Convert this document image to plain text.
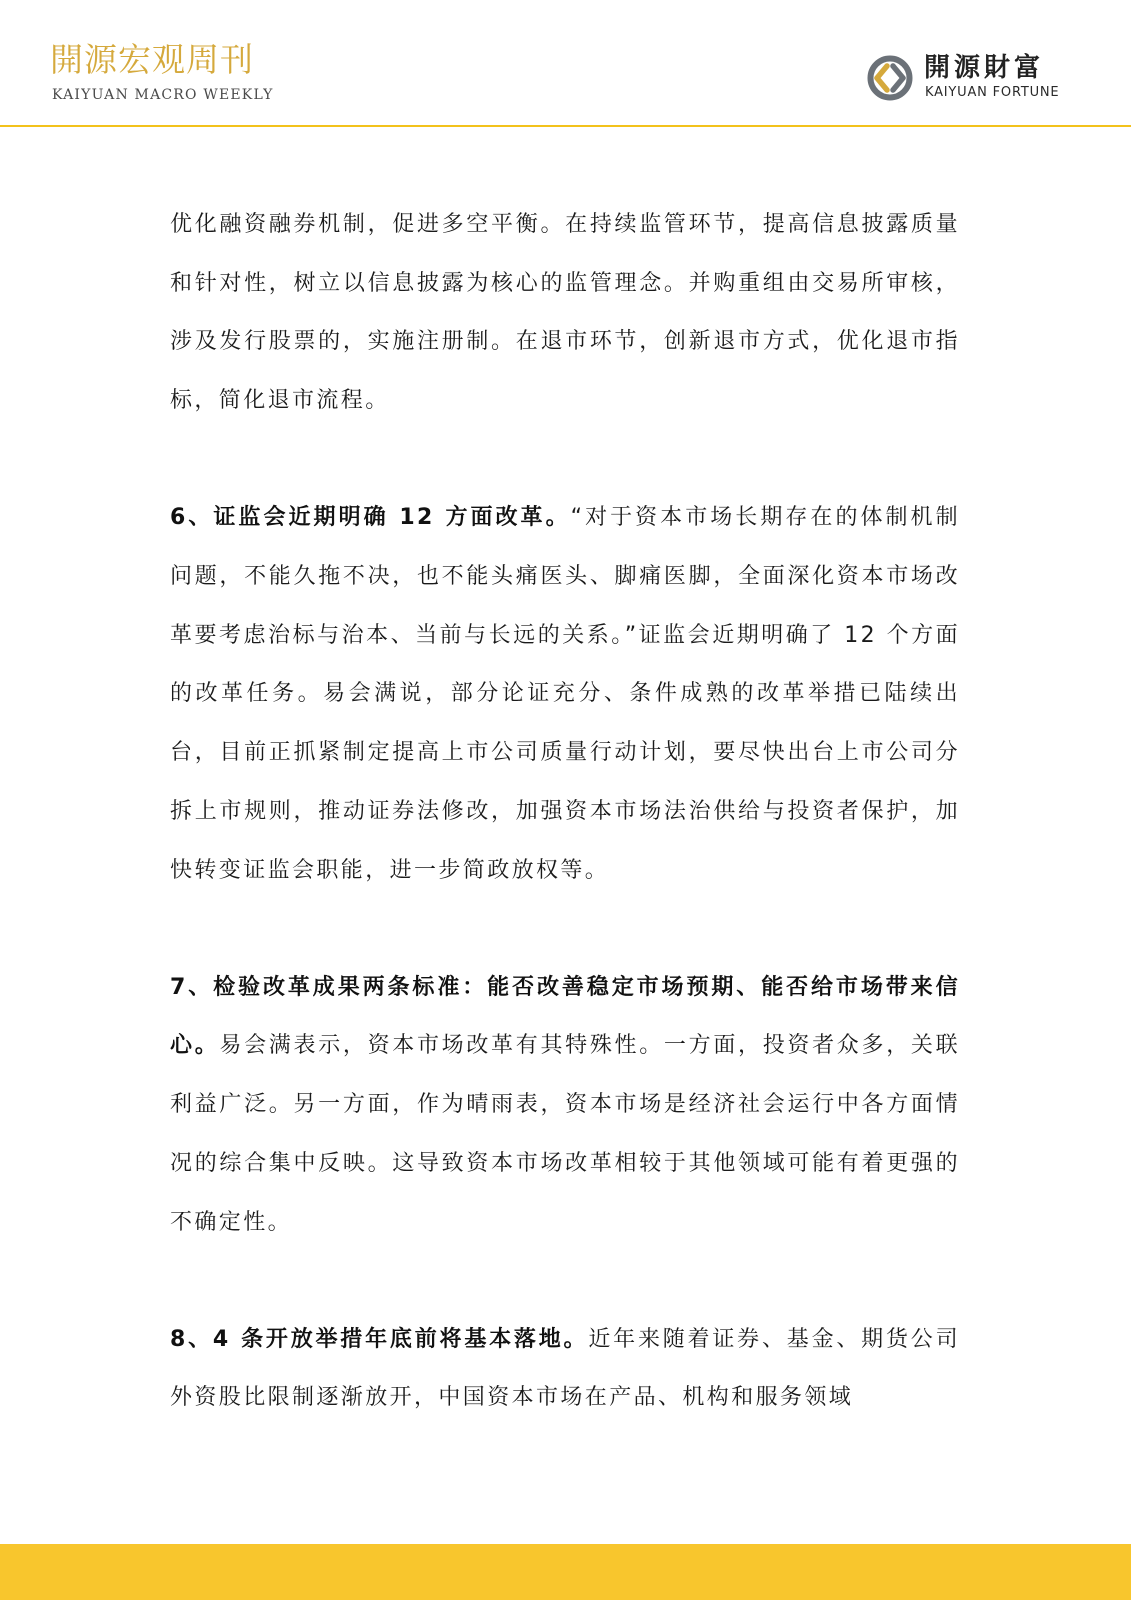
開源宏观周刊
KAIYUAN MACRO WEEKLY
開源財富
KAIYUAN FORTUNE

优化融资融券机制，促进多空平衡。在持续监管环节，提高信息披露质量和针对性，树立以信息披露为核心的监管理念。并购重组由交易所审核，涉及发行股票的，实施注册制。在退市环节，创新退市方式，优化退市指标，简化退市流程。

6、证监会近期明确 12 方面改革。“对于资本市场长期存在的体制机制问题，不能久拖不决，也不能头痛医头、脚痛医脚，全面深化资本市场改革要考虑治标与治本、当前与长远的关系。”证监会近期明确了 12 个方面的改革任务。易会满说，部分论证充分、条件成熟的改革举措已陆续出台，目前正抓紧制定提高上市公司质量行动计划，要尽快出台上市公司分拆上市规则，推动证券法修改，加强资本市场法治供给与投资者保护，加快转变证监会职能，进一步简政放权等。

7、检验改革成果两条标准：能否改善稳定市场预期、能否给市场带来信心。易会满表示，资本市场改革有其特殊性。一方面，投资者众多，关联利益广泛。另一方面，作为晴雨表，资本市场是经济社会运行中各方面情况的综合集中反映。这导致资本市场改革相较于其他领域可能有着更强的不确定性。

8、4 条开放举措年底前将基本落地。近年来随着证券、基金、期货公司外资股比限制逐渐放开，中国资本市场在产品、机构和服务领域
